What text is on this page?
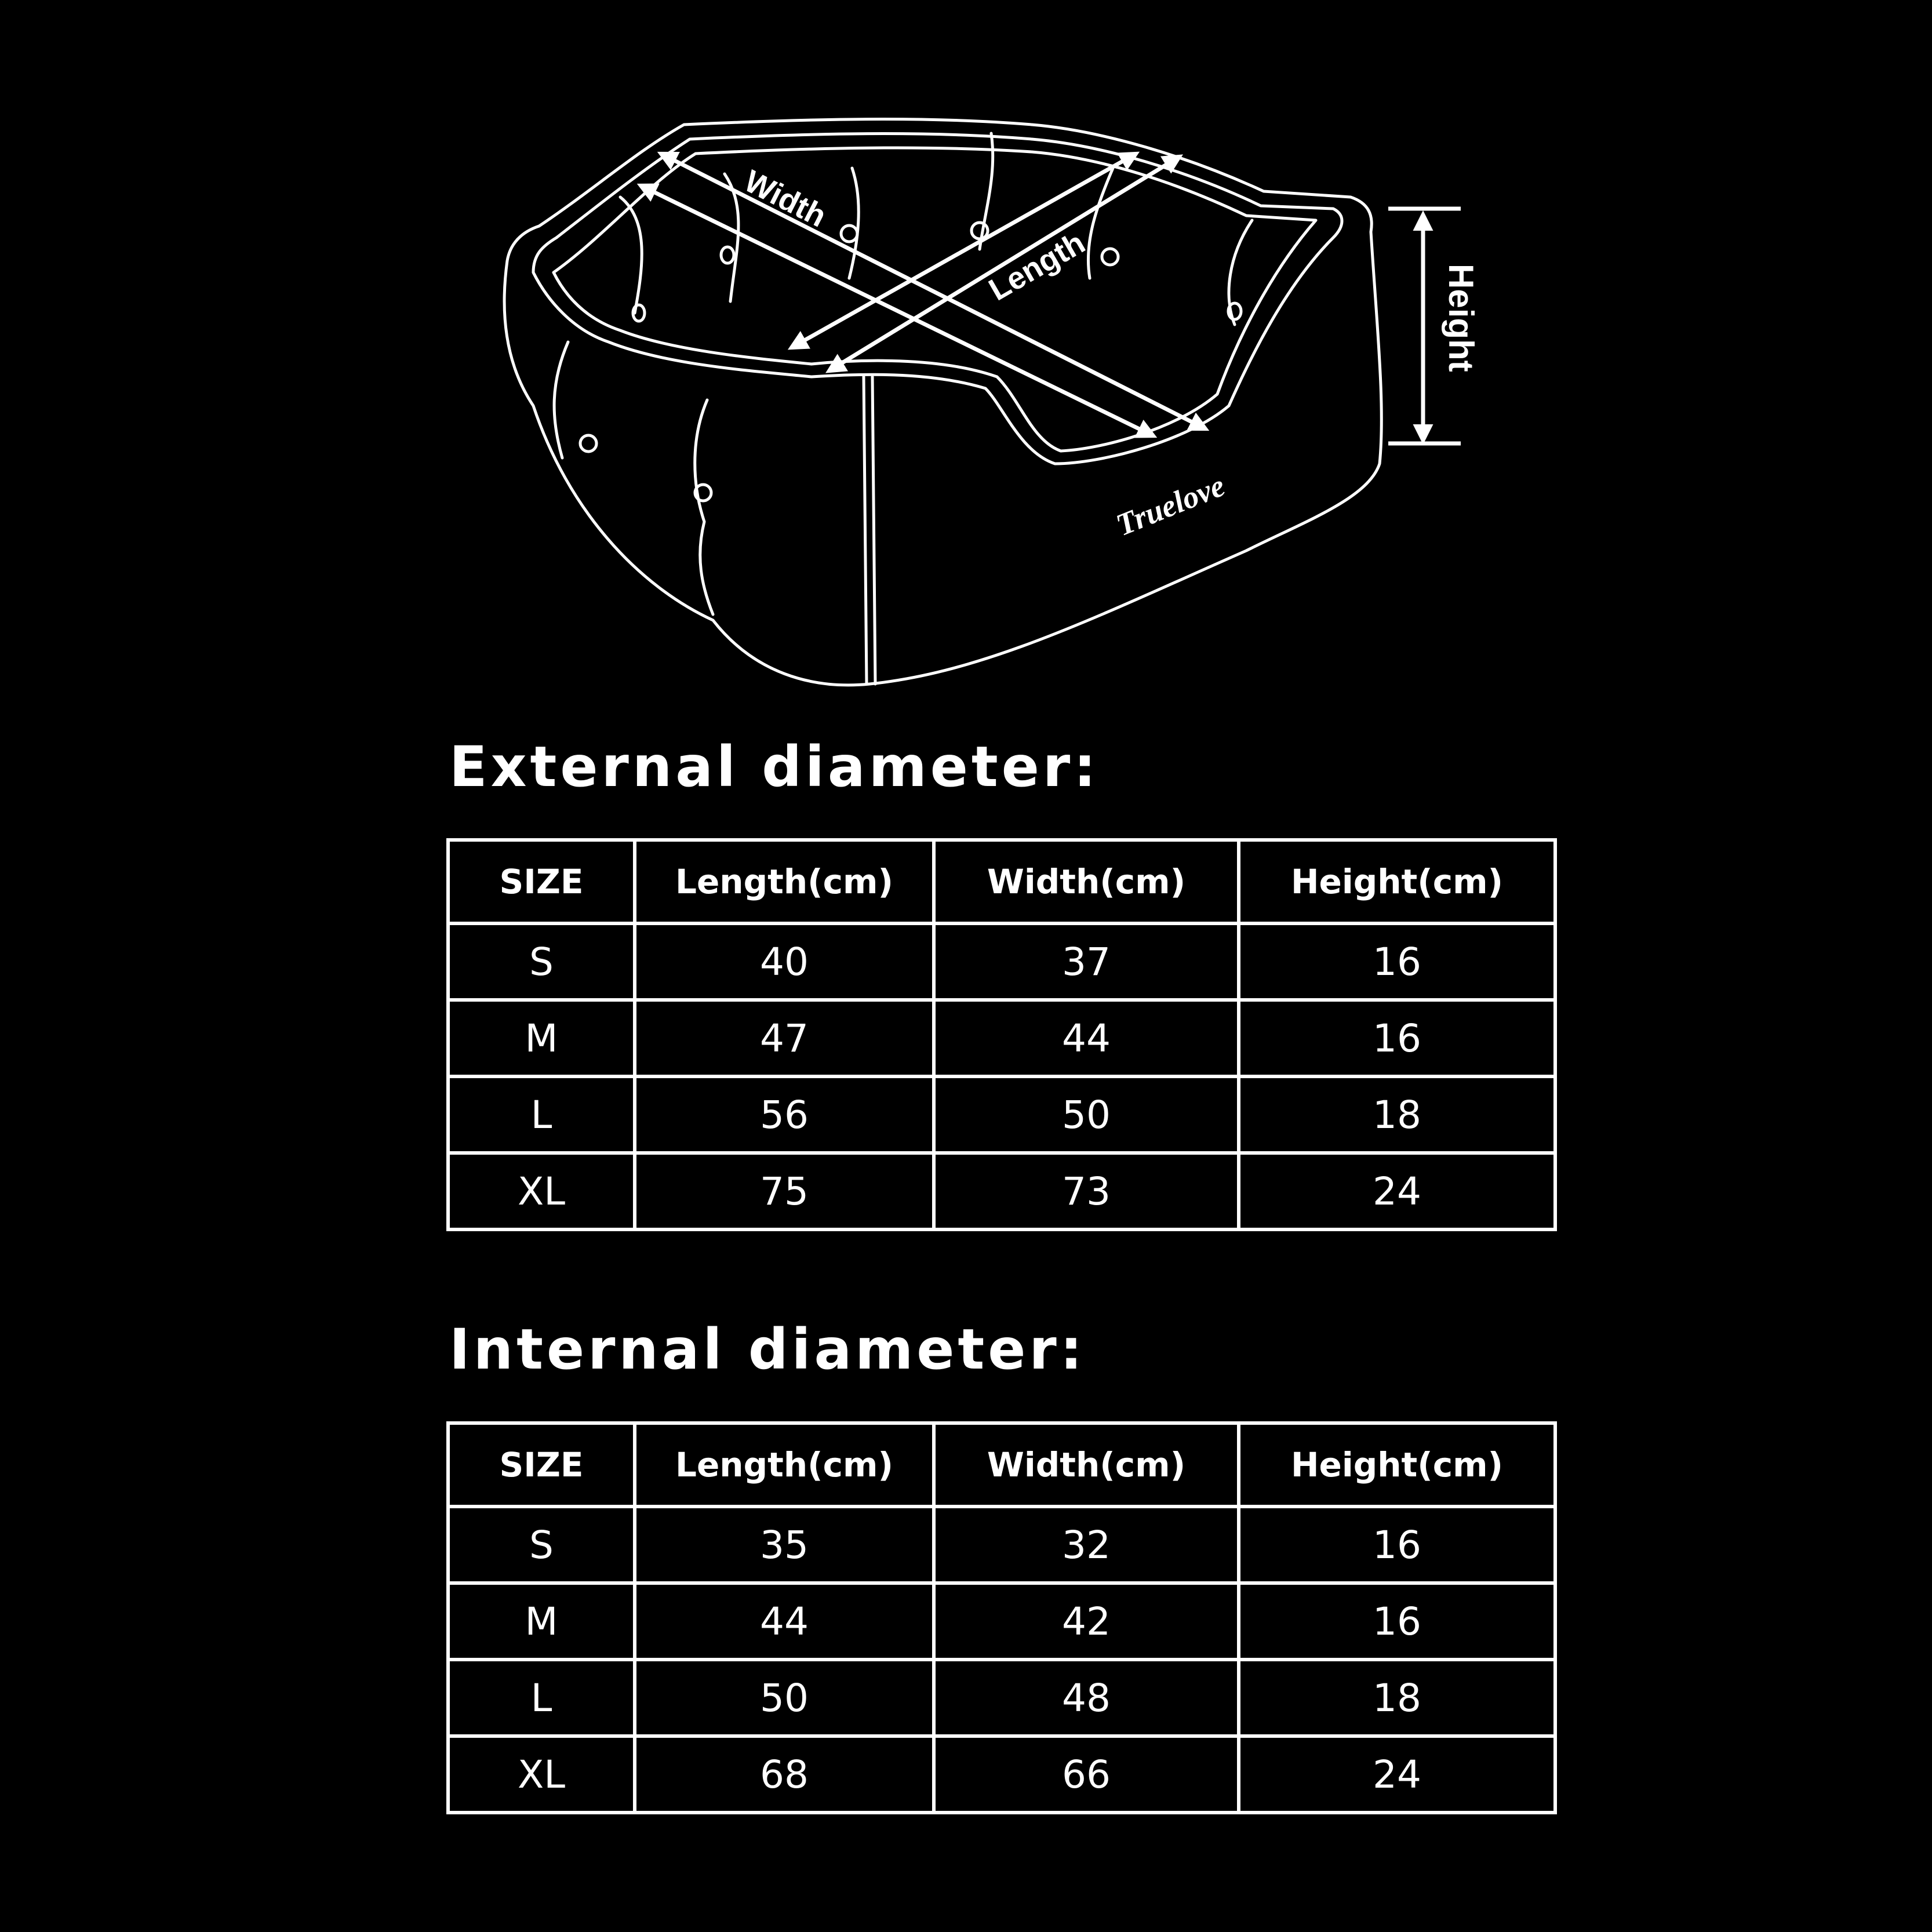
Width
Length	Height
Truelove
External diameter:
SIZE	Length(cm)	Width(cm)	Height(cm)
S	40	37	16
M	47	44	16
L	56	50	18
XL	75	73	24
Internal diameter:
SIZE	Length(cm)	Width(cm)	Height(cm)
S	35	32	16
M	44	42	16
L	50	48	18
XL	68	66	24
